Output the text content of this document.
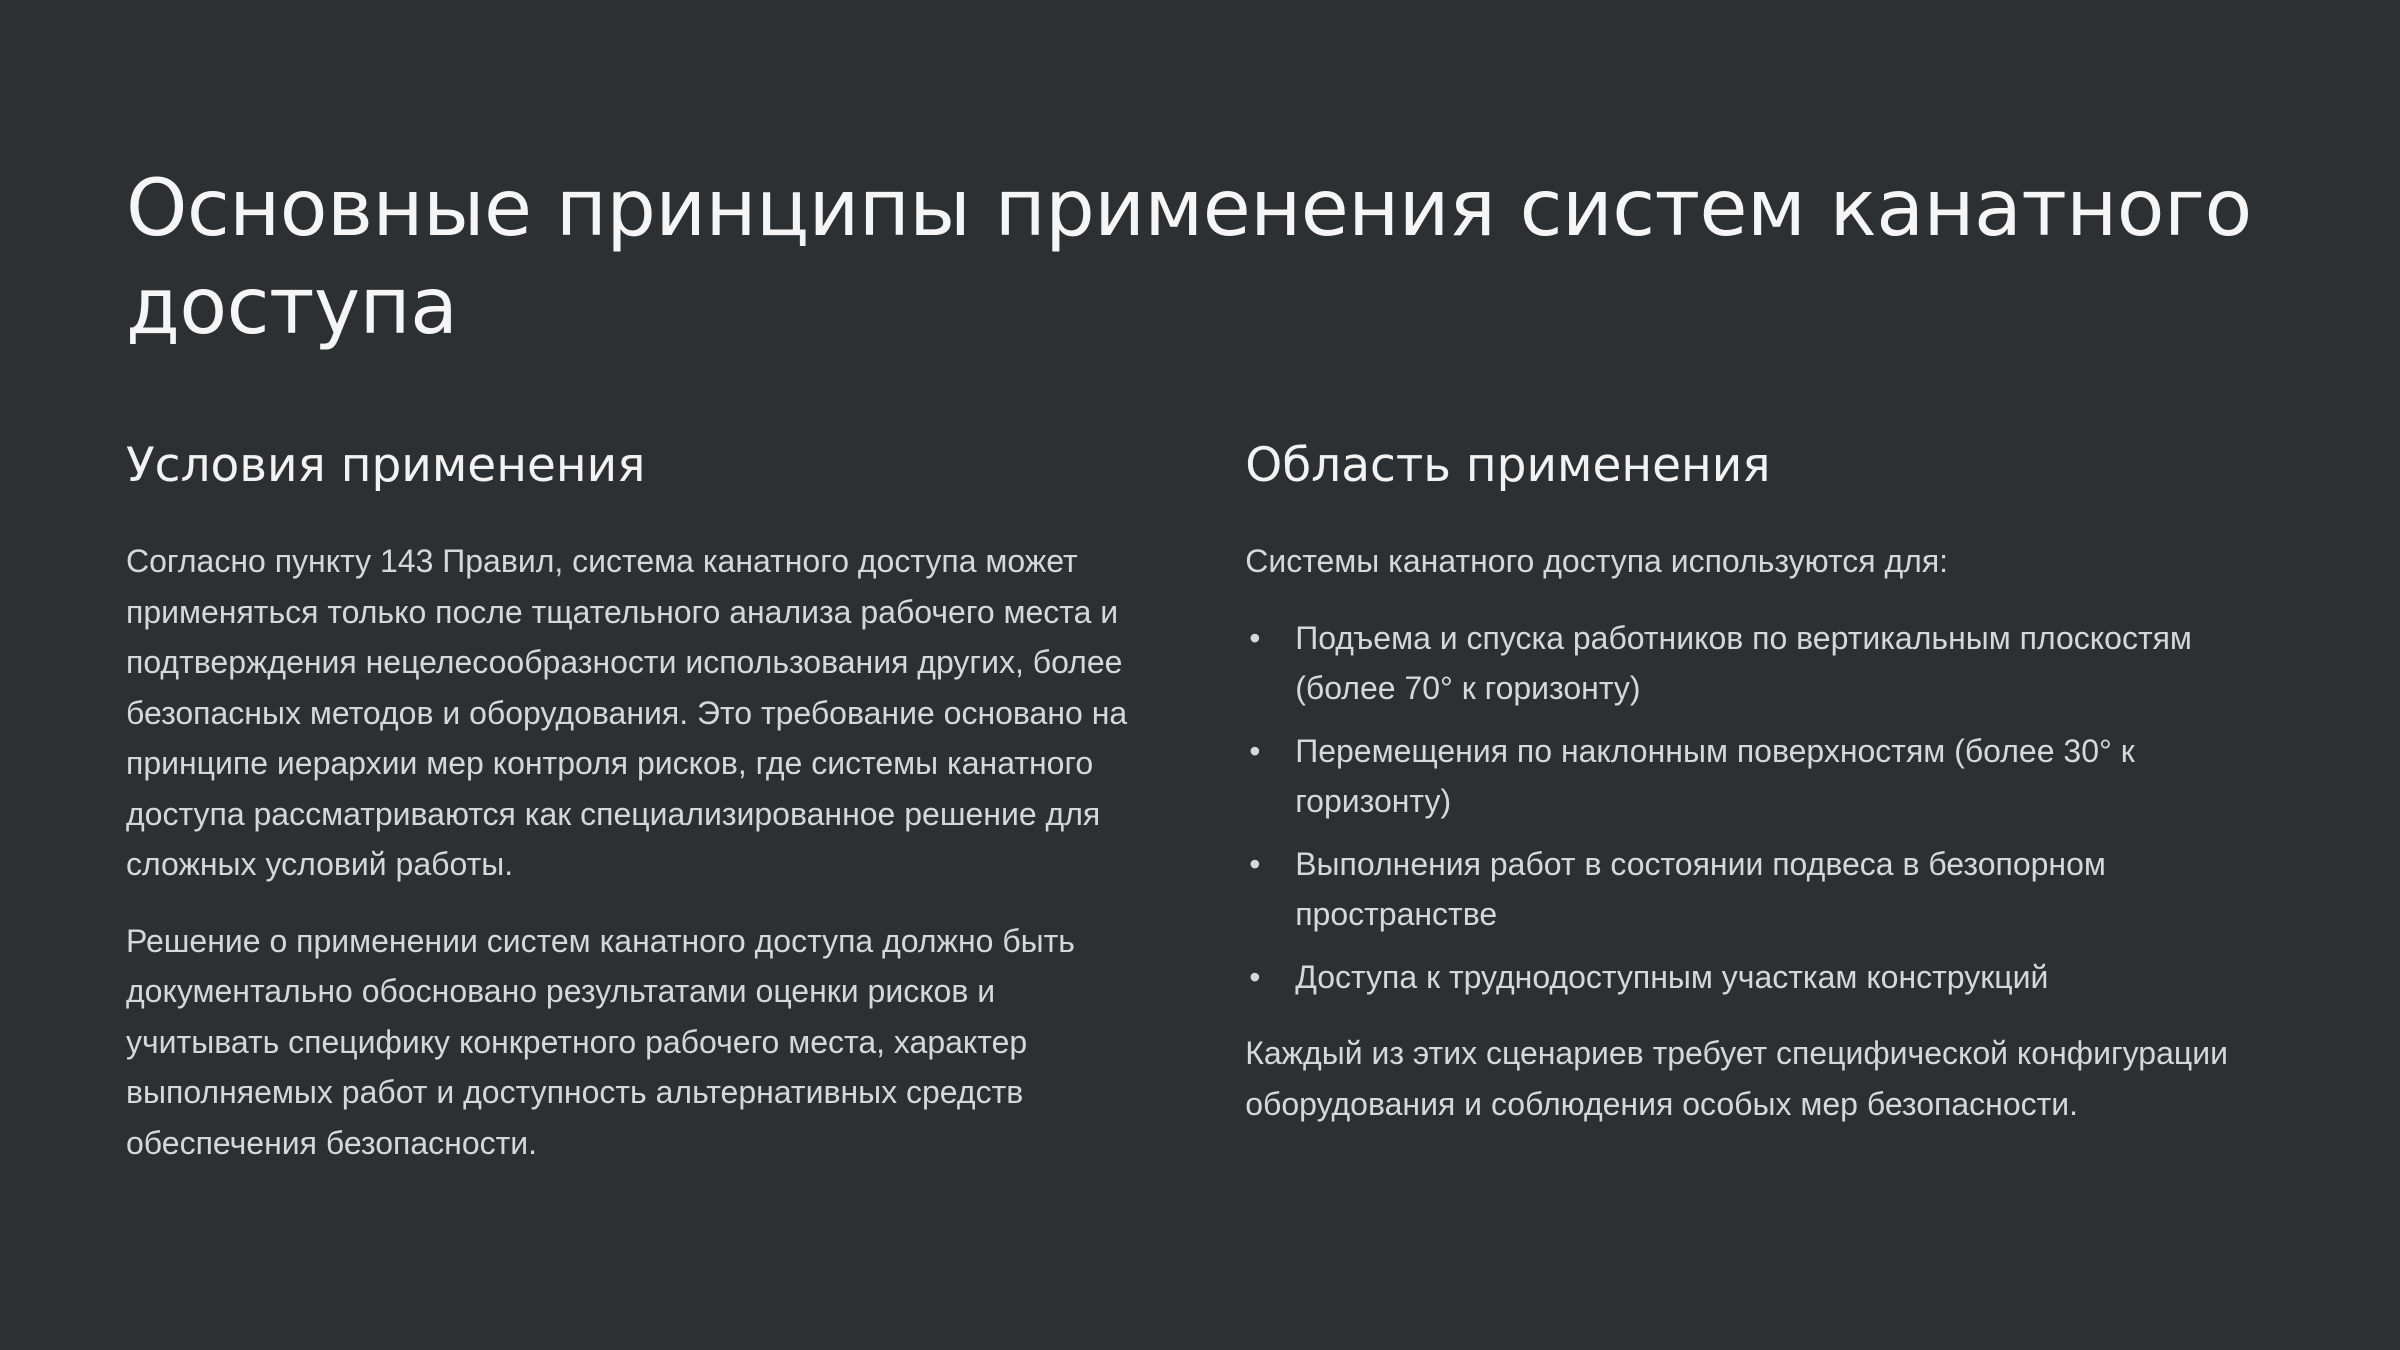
Основные принципы применения систем канатного доступа
Условия применения

Согласно пункту 143 Правил, система канатного доступа может применяться только после тщательного анализа рабочего места и подтверждения нецелесообразности использования других, более безопасных методов и оборудования. Это требование основано на принципе иерархии мер контроля рисков, где системы канатного доступа рассматриваются как специализированное решение для сложных условий работы.

Решение о применении систем канатного доступа должно быть документально обосновано результатами оценки рисков и учитывать специфику конкретного рабочего места, характер выполняемых работ и доступность альтернативных средств обеспечения безопасности.

Область применения

Системы канатного доступа используются для:

• Подъема и спуска работников по вертикальным плоскостям (более 70° к горизонту)
• Перемещения по наклонным поверхностям (более 30° к горизонту)
• Выполнения работ в состоянии подвеса в безопорном пространстве
• Доступа к труднодоступным участкам конструкций

Каждый из этих сценариев требует специфической конфигурации оборудования и соблюдения особых мер безопасности.
